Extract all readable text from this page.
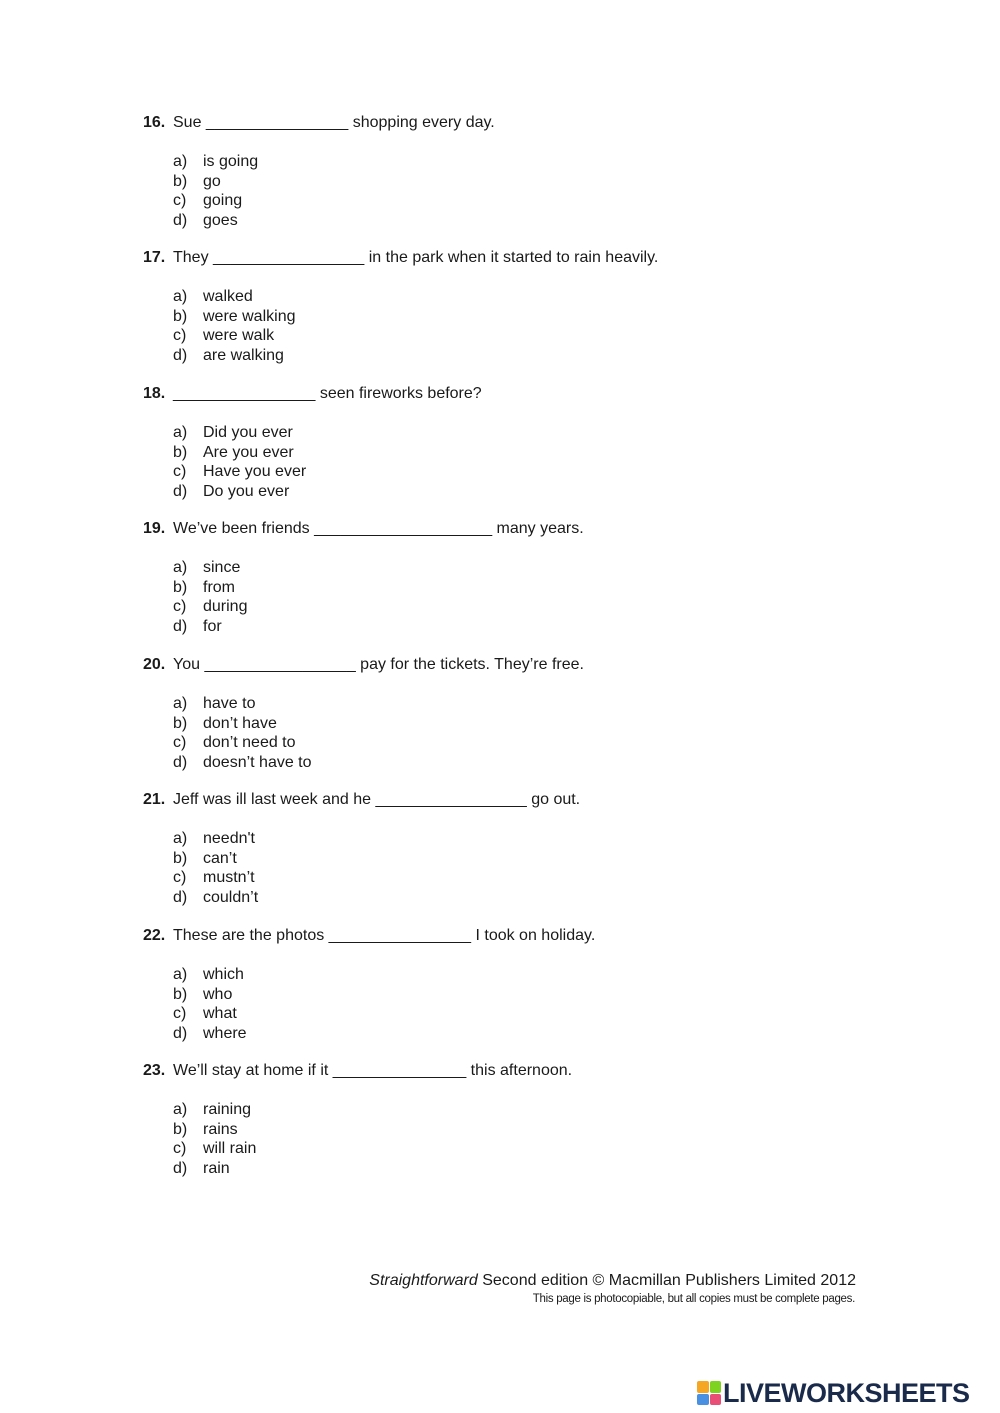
16. Sue ________________ shopping every day.
a) is going
b) go
c) going
d) goes
17. They _________________ in the park when it started to rain heavily.
a) walked
b) were walking
c) were walk
d) are walking
18. ________________ seen fireworks before?
a) Did you ever
b) Are you ever
c) Have you ever
d) Do you ever
19. We’ve been friends ____________________ many years.
a) since
b) from
c) during
d) for
20. You _________________ pay for the tickets. They’re free.
a) have to
b) don’t have
c) don’t need to
d) doesn’t have to
21. Jeff was ill last week and he _________________ go out.
a) needn't
b) can’t
c) mustn’t
d) couldn’t
22. These are the photos ________________ I took on holiday.
a) which
b) who
c) what
d) where
23. We’ll stay at home if it _______________ this afternoon.
a) raining
b) rains
c) will rain
d) rain
Straightforward Second edition © Macmillan Publishers Limited 2012
This page is photocopiable, but all copies must be complete pages.
LIVEWORKSHEETS
